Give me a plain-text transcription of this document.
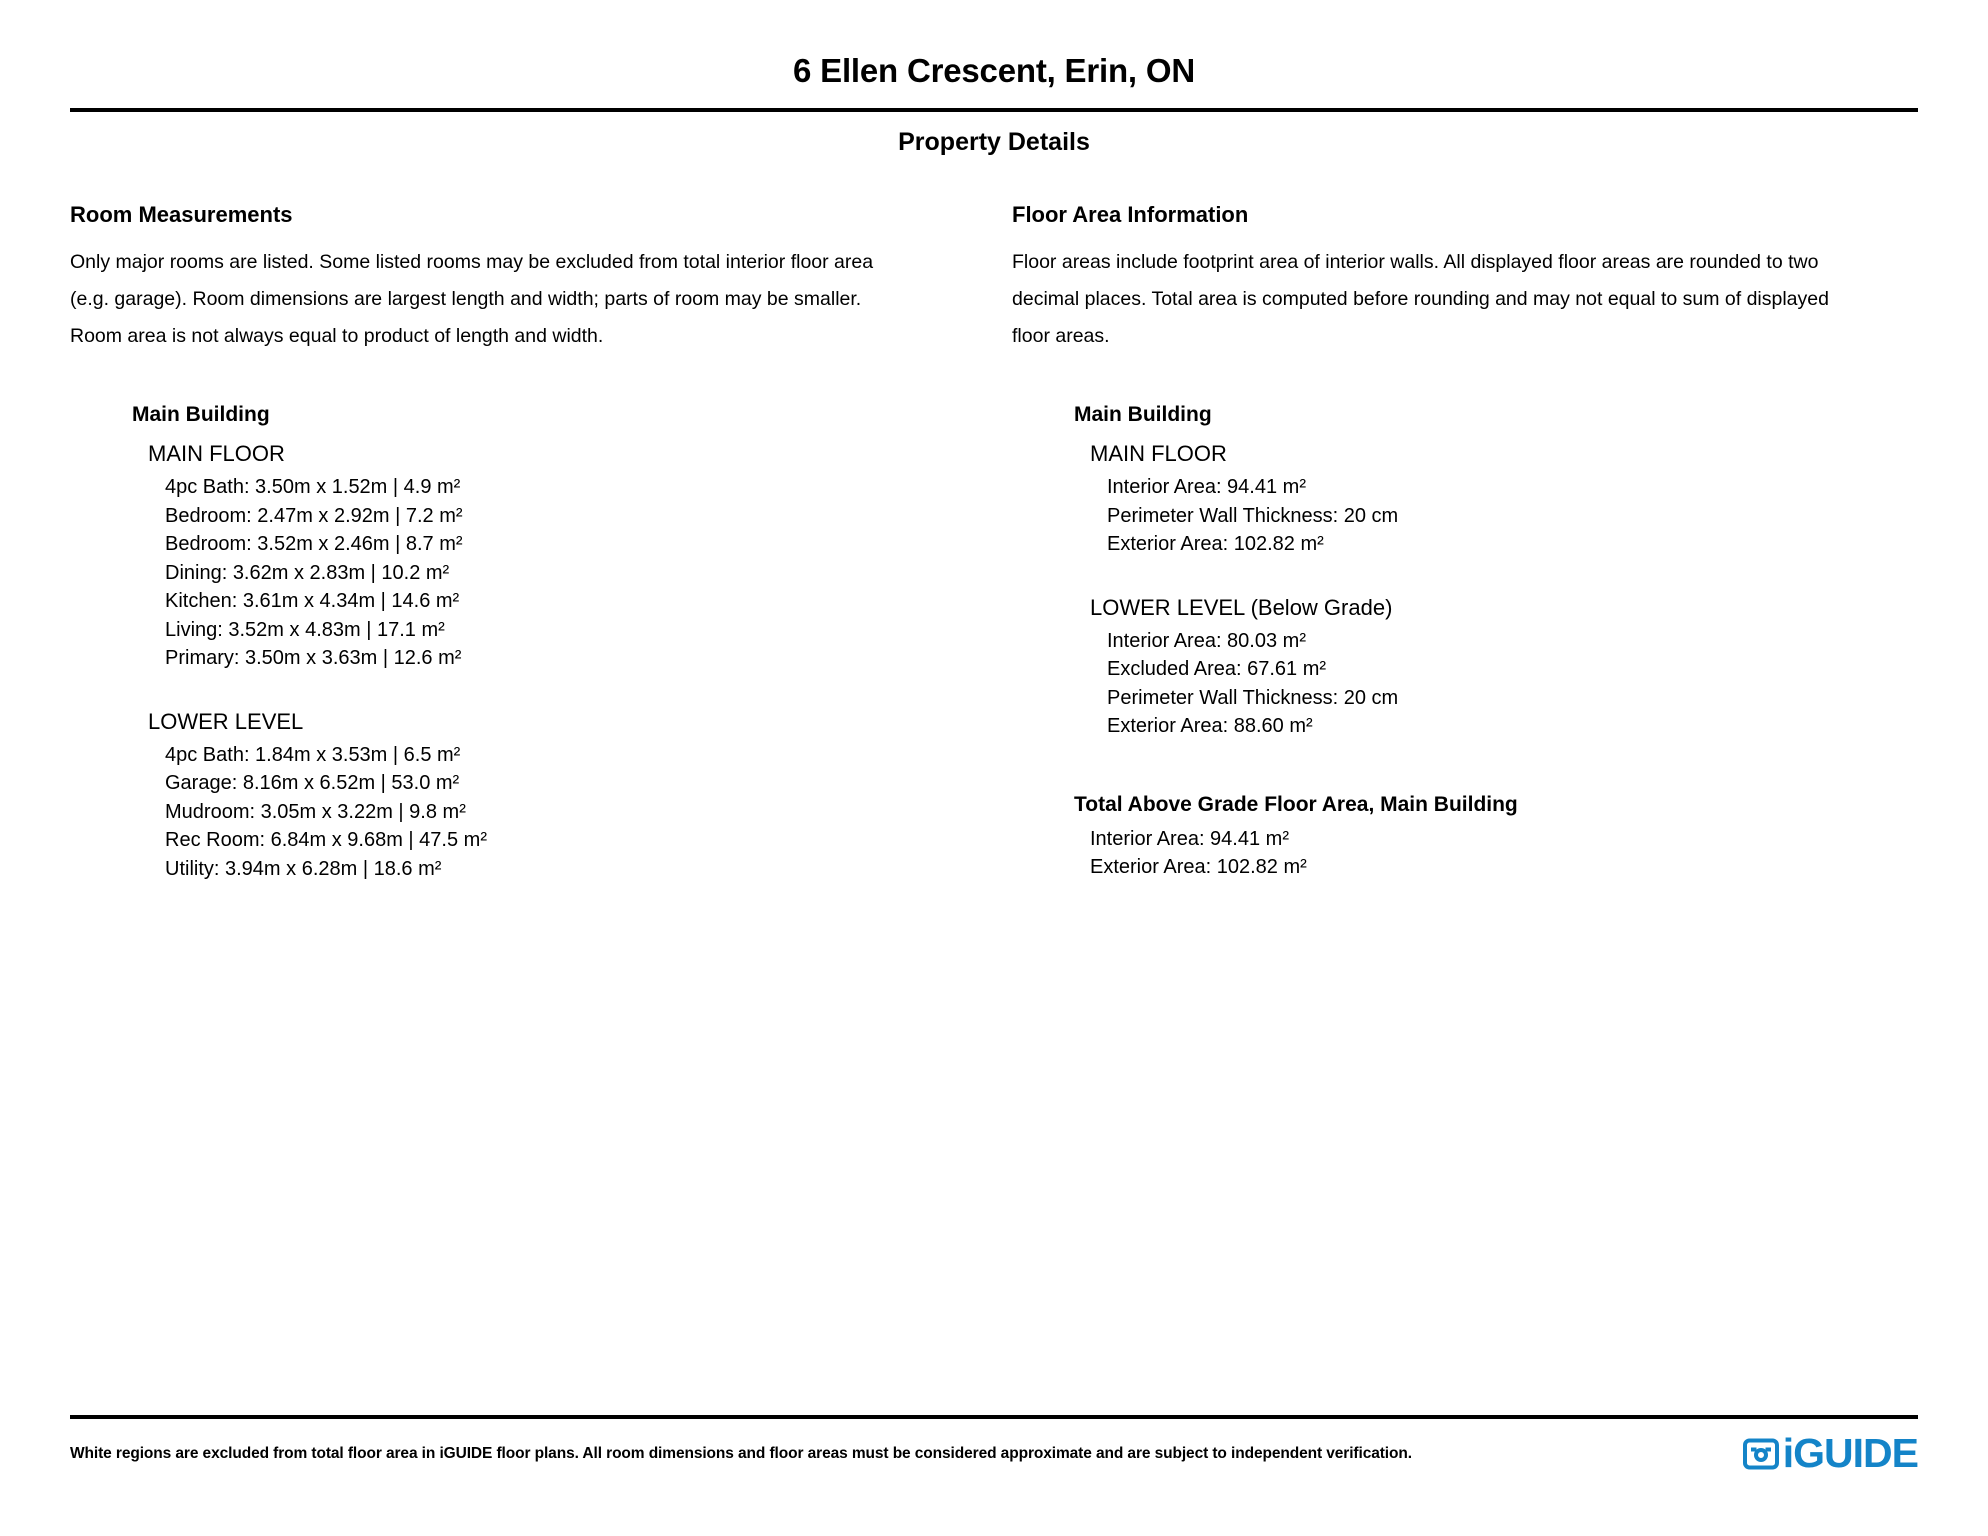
6 Ellen Crescent, Erin, ON
Property Details
Room Measurements
Only major rooms are listed. Some listed rooms may be excluded from total interior floor area
(e.g. garage). Room dimensions are largest length and width; parts of room may be smaller.
Room area is not always equal to product of length and width.
Main Building
MAIN FLOOR
4pc Bath: 3.50m x 1.52m | 4.9 m²
Bedroom: 2.47m x 2.92m | 7.2 m²
Bedroom: 3.52m x 2.46m | 8.7 m²
Dining: 3.62m x 2.83m | 10.2 m²
Kitchen: 3.61m x 4.34m | 14.6 m²
Living: 3.52m x 4.83m | 17.1 m²
Primary: 3.50m x 3.63m | 12.6 m²
LOWER LEVEL
4pc Bath: 1.84m x 3.53m | 6.5 m²
Garage: 8.16m x 6.52m | 53.0 m²
Mudroom: 3.05m x 3.22m | 9.8 m²
Rec Room: 6.84m x 9.68m | 47.5 m²
Utility: 3.94m x 6.28m | 18.6 m²
Floor Area Information
Floor areas include footprint area of interior walls. All displayed floor areas are rounded to two
decimal places. Total area is computed before rounding and may not equal to sum of displayed
floor areas.
Main Building
MAIN FLOOR
Interior Area: 94.41 m²
Perimeter Wall Thickness: 20 cm
Exterior Area: 102.82 m²
LOWER LEVEL (Below Grade)
Interior Area: 80.03 m²
Excluded Area: 67.61 m²
Perimeter Wall Thickness: 20 cm
Exterior Area: 88.60 m²
Total Above Grade Floor Area, Main Building
Interior Area: 94.41 m²
Exterior Area: 102.82 m²
White regions are excluded from total floor area in iGUIDE floor plans. All room dimensions and floor areas must be considered approximate and are subject to independent verification.	iGUIDE
